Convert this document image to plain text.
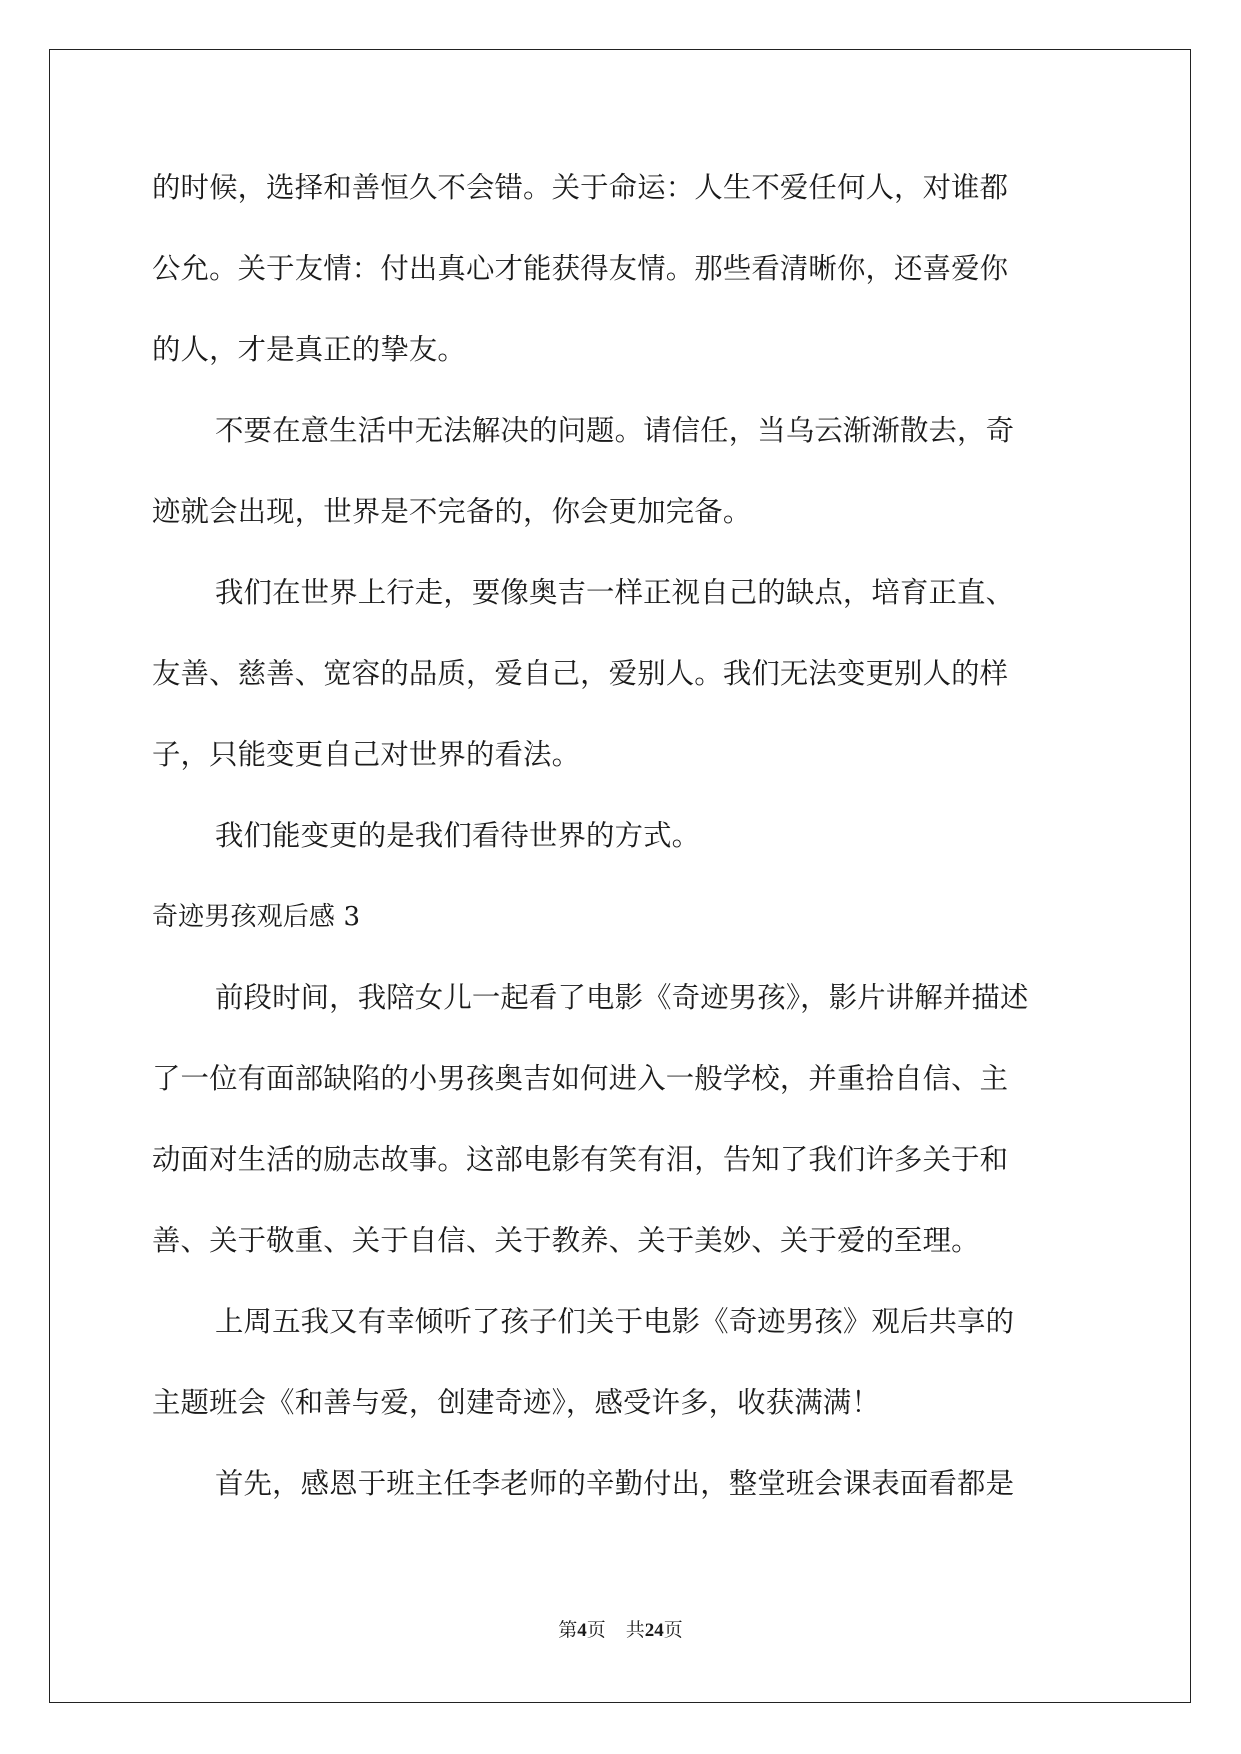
的时候，选择和善恒久不会错。关于命运：人生不爱任何人，对谁都
公允。关于友情：付出真心才能获得友情。那些看清晰你，还喜爱你
的人，才是真正的挚友。
不要在意生活中无法解决的问题。请信任，当乌云渐渐散去，奇
迹就会出现，世界是不完备的，你会更加完备。
我们在世界上行走，要像奥吉一样正视自己的缺点，培育正直、
友善、慈善、宽容的品质，爱自己，爱别人。我们无法变更别人的样
子，只能变更自己对世界的看法。
我们能变更的是我们看待世界的方式。
奇迹男孩观后感 3
前段时间，我陪女儿一起看了电影《奇迹男孩》，影片讲解并描述
了一位有面部缺陷的小男孩奥吉如何进入一般学校，并重拾自信、主
动面对生活的励志故事。这部电影有笑有泪，告知了我们许多关于和
善、关于敬重、关于自信、关于教养、关于美妙、关于爱的至理。
上周五我又有幸倾听了孩子们关于电影《奇迹男孩》观后共享的
主题班会《和善与爱，创建奇迹》，感受许多，收获满满！
首先，感恩于班主任李老师的辛勤付出，整堂班会课表面看都是
第4页 共24页
